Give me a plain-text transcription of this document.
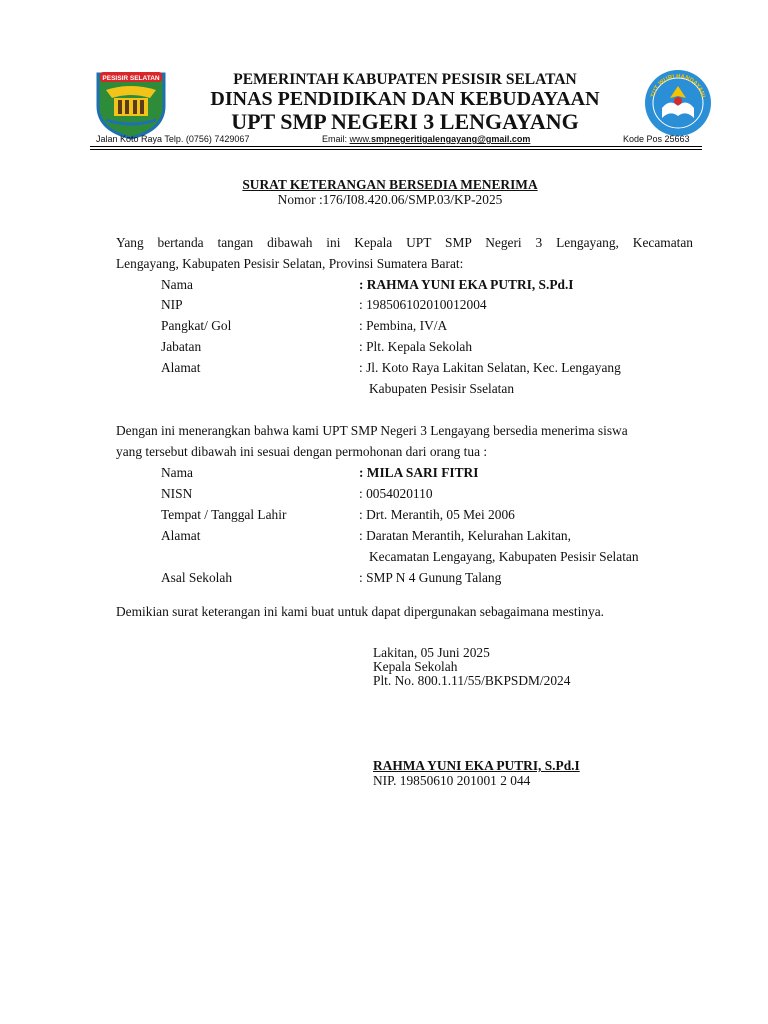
PESISIR SELATAN	PEMERINTAH KABUPATEN PESISIR SELATAN
DINAS PENDIDIKAN DAN KEBUDAYAAN
UPT SMP NEGERI 3 LENGAYANG
TUT WURI HANDAYANI
Jalan Koto Raya Telp. (0756) 7429067	Email: www.smpnegeritigalengayang@gmail.com	Kode Pos 25663
SURAT KETERANGAN BERSEDIA MENERIMA
Nomor :176/I08.420.06/SMP.03/KP-2025
Yang bertanda tangan dibawah ini Kepala UPT SMP Negeri 3 Lengayang, Kecamatan
Lengayang, Kabupaten Pesisir Selatan, Provinsi Sumatera Barat:
Nama	: RAHMA YUNI EKA PUTRI, S.Pd.I
NIP	: 198506102010012004
Pangkat/ Gol	: Pembina, IV/A
Jabatan	: Plt. Kepala Sekolah
Alamat	: Jl. Koto Raya Lakitan Selatan, Kec. Lengayang
Kabupaten Pesisir Sselatan
Dengan ini menerangkan bahwa kami UPT SMP Negeri 3 Lengayang bersedia menerima siswa
yang tersebut dibawah ini sesuai dengan permohonan dari orang tua :
Nama	: MILA SARI FITRI
NISN	: 0054020110
Tempat / Tanggal Lahir	: Drt. Merantih, 05 Mei 2006
Alamat	: Daratan Merantih, Kelurahan Lakitan,
Kecamatan Lengayang, Kabupaten Pesisir Selatan
Asal Sekolah	: SMP N 4 Gunung Talang
Demikian surat keterangan ini kami buat untuk dapat dipergunakan sebagaimana mestinya.
Lakitan, 05 Juni 2025
Kepala Sekolah
Plt. No. 800.1.11/55/BKPSDM/2024
RAHMA YUNI EKA PUTRI, S.Pd.I
NIP. 19850610 201001 2 044
